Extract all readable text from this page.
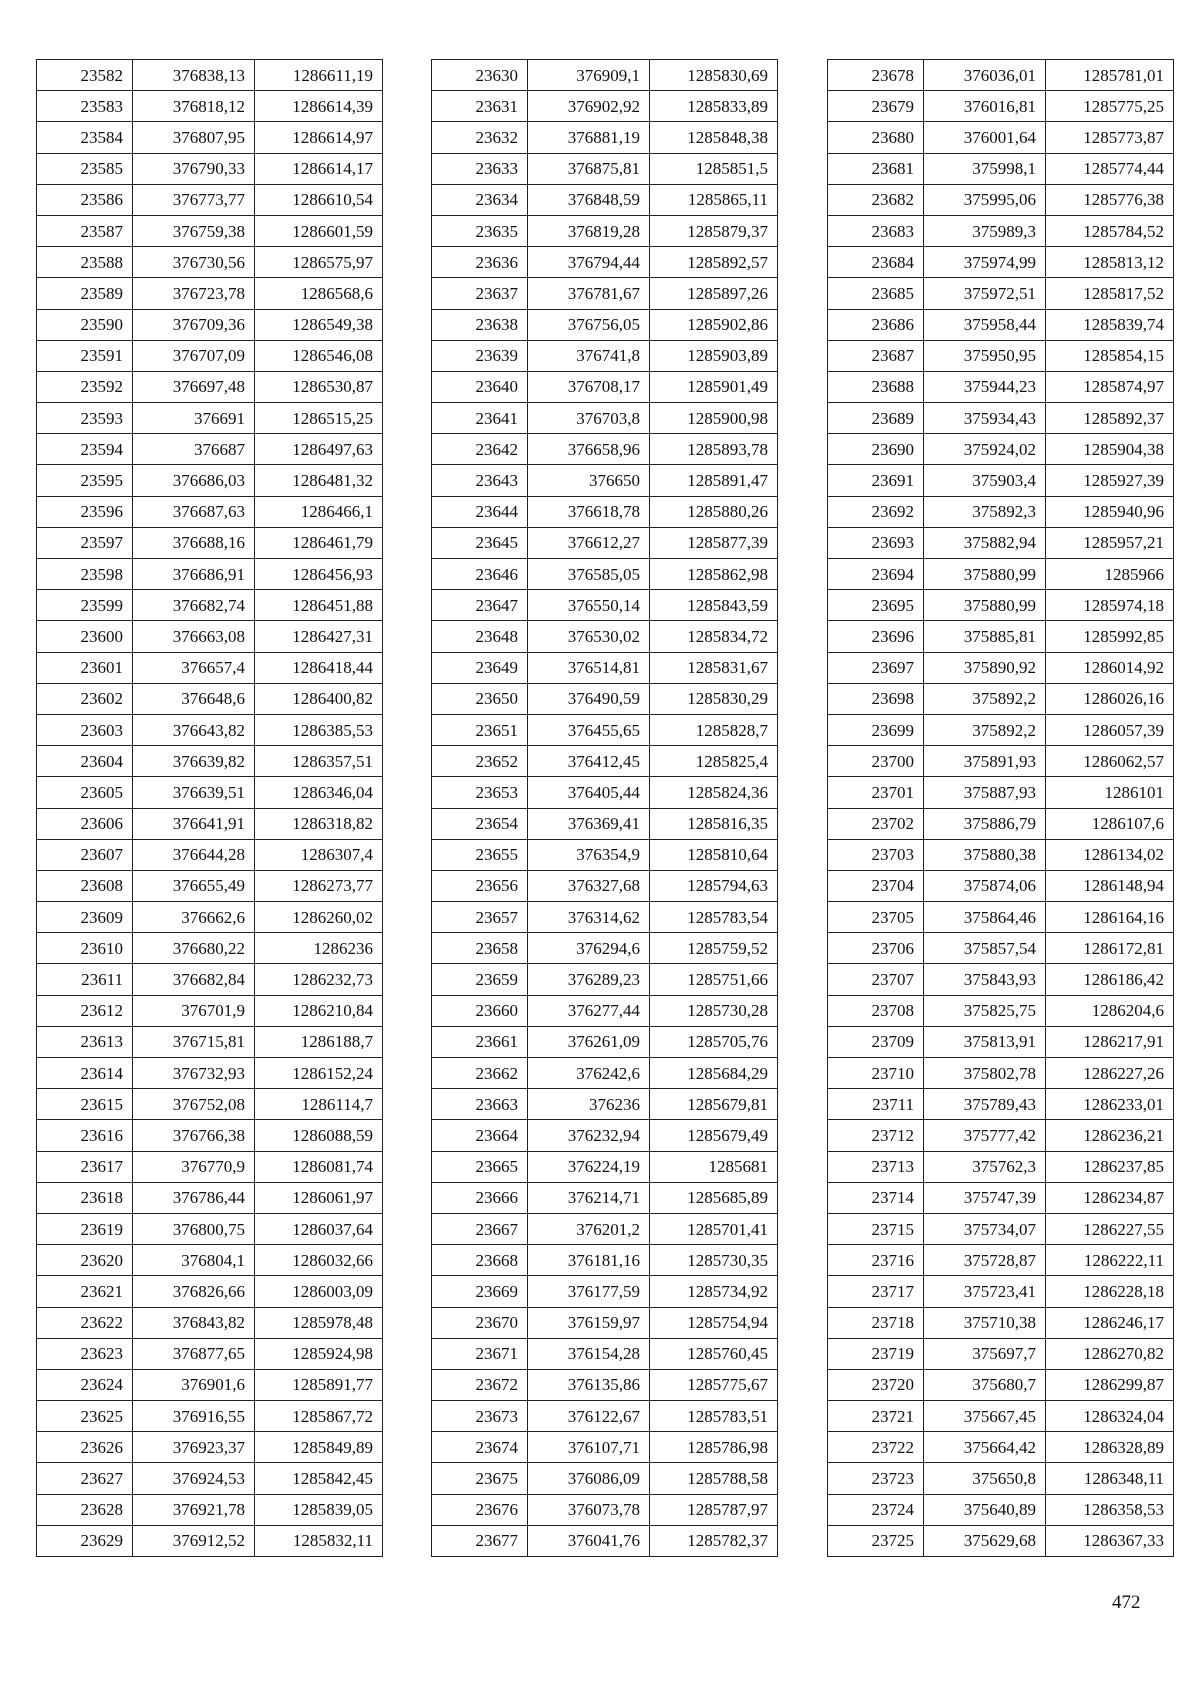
23582	376838,13	1286611,19
23583	376818,12	1286614,39
23584	376807,95	1286614,97
23585	376790,33	1286614,17
23586	376773,77	1286610,54
23587	376759,38	1286601,59
23588	376730,56	1286575,97
23589	376723,78	1286568,6
23590	376709,36	1286549,38
23591	376707,09	1286546,08
23592	376697,48	1286530,87
23593	376691	1286515,25
23594	376687	1286497,63
23595	376686,03	1286481,32
23596	376687,63	1286466,1
23597	376688,16	1286461,79
23598	376686,91	1286456,93
23599	376682,74	1286451,88
23600	376663,08	1286427,31
23601	376657,4	1286418,44
23602	376648,6	1286400,82
23603	376643,82	1286385,53
23604	376639,82	1286357,51
23605	376639,51	1286346,04
23606	376641,91	1286318,82
23607	376644,28	1286307,4
23608	376655,49	1286273,77
23609	376662,6	1286260,02
23610	376680,22	1286236
23611	376682,84	1286232,73
23612	376701,9	1286210,84
23613	376715,81	1286188,7
23614	376732,93	1286152,24
23615	376752,08	1286114,7
23616	376766,38	1286088,59
23617	376770,9	1286081,74
23618	376786,44	1286061,97
23619	376800,75	1286037,64
23620	376804,1	1286032,66
23621	376826,66	1286003,09
23622	376843,82	1285978,48
23623	376877,65	1285924,98
23624	376901,6	1285891,77
23625	376916,55	1285867,72
23626	376923,37	1285849,89
23627	376924,53	1285842,45
23628	376921,78	1285839,05
23629	376912,52	1285832,11
23630	376909,1	1285830,69
23631	376902,92	1285833,89
23632	376881,19	1285848,38
23633	376875,81	1285851,5
23634	376848,59	1285865,11
23635	376819,28	1285879,37
23636	376794,44	1285892,57
23637	376781,67	1285897,26
23638	376756,05	1285902,86
23639	376741,8	1285903,89
23640	376708,17	1285901,49
23641	376703,8	1285900,98
23642	376658,96	1285893,78
23643	376650	1285891,47
23644	376618,78	1285880,26
23645	376612,27	1285877,39
23646	376585,05	1285862,98
23647	376550,14	1285843,59
23648	376530,02	1285834,72
23649	376514,81	1285831,67
23650	376490,59	1285830,29
23651	376455,65	1285828,7
23652	376412,45	1285825,4
23653	376405,44	1285824,36
23654	376369,41	1285816,35
23655	376354,9	1285810,64
23656	376327,68	1285794,63
23657	376314,62	1285783,54
23658	376294,6	1285759,52
23659	376289,23	1285751,66
23660	376277,44	1285730,28
23661	376261,09	1285705,76
23662	376242,6	1285684,29
23663	376236	1285679,81
23664	376232,94	1285679,49
23665	376224,19	1285681
23666	376214,71	1285685,89
23667	376201,2	1285701,41
23668	376181,16	1285730,35
23669	376177,59	1285734,92
23670	376159,97	1285754,94
23671	376154,28	1285760,45
23672	376135,86	1285775,67
23673	376122,67	1285783,51
23674	376107,71	1285786,98
23675	376086,09	1285788,58
23676	376073,78	1285787,97
23677	376041,76	1285782,37
23678	376036,01	1285781,01
23679	376016,81	1285775,25
23680	376001,64	1285773,87
23681	375998,1	1285774,44
23682	375995,06	1285776,38
23683	375989,3	1285784,52
23684	375974,99	1285813,12
23685	375972,51	1285817,52
23686	375958,44	1285839,74
23687	375950,95	1285854,15
23688	375944,23	1285874,97
23689	375934,43	1285892,37
23690	375924,02	1285904,38
23691	375903,4	1285927,39
23692	375892,3	1285940,96
23693	375882,94	1285957,21
23694	375880,99	1285966
23695	375880,99	1285974,18
23696	375885,81	1285992,85
23697	375890,92	1286014,92
23698	375892,2	1286026,16
23699	375892,2	1286057,39
23700	375891,93	1286062,57
23701	375887,93	1286101
23702	375886,79	1286107,6
23703	375880,38	1286134,02
23704	375874,06	1286148,94
23705	375864,46	1286164,16
23706	375857,54	1286172,81
23707	375843,93	1286186,42
23708	375825,75	1286204,6
23709	375813,91	1286217,91
23710	375802,78	1286227,26
23711	375789,43	1286233,01
23712	375777,42	1286236,21
23713	375762,3	1286237,85
23714	375747,39	1286234,87
23715	375734,07	1286227,55
23716	375728,87	1286222,11
23717	375723,41	1286228,18
23718	375710,38	1286246,17
23719	375697,7	1286270,82
23720	375680,7	1286299,87
23721	375667,45	1286324,04
23722	375664,42	1286328,89
23723	375650,8	1286348,11
23724	375640,89	1286358,53
23725	375629,68	1286367,33
472
